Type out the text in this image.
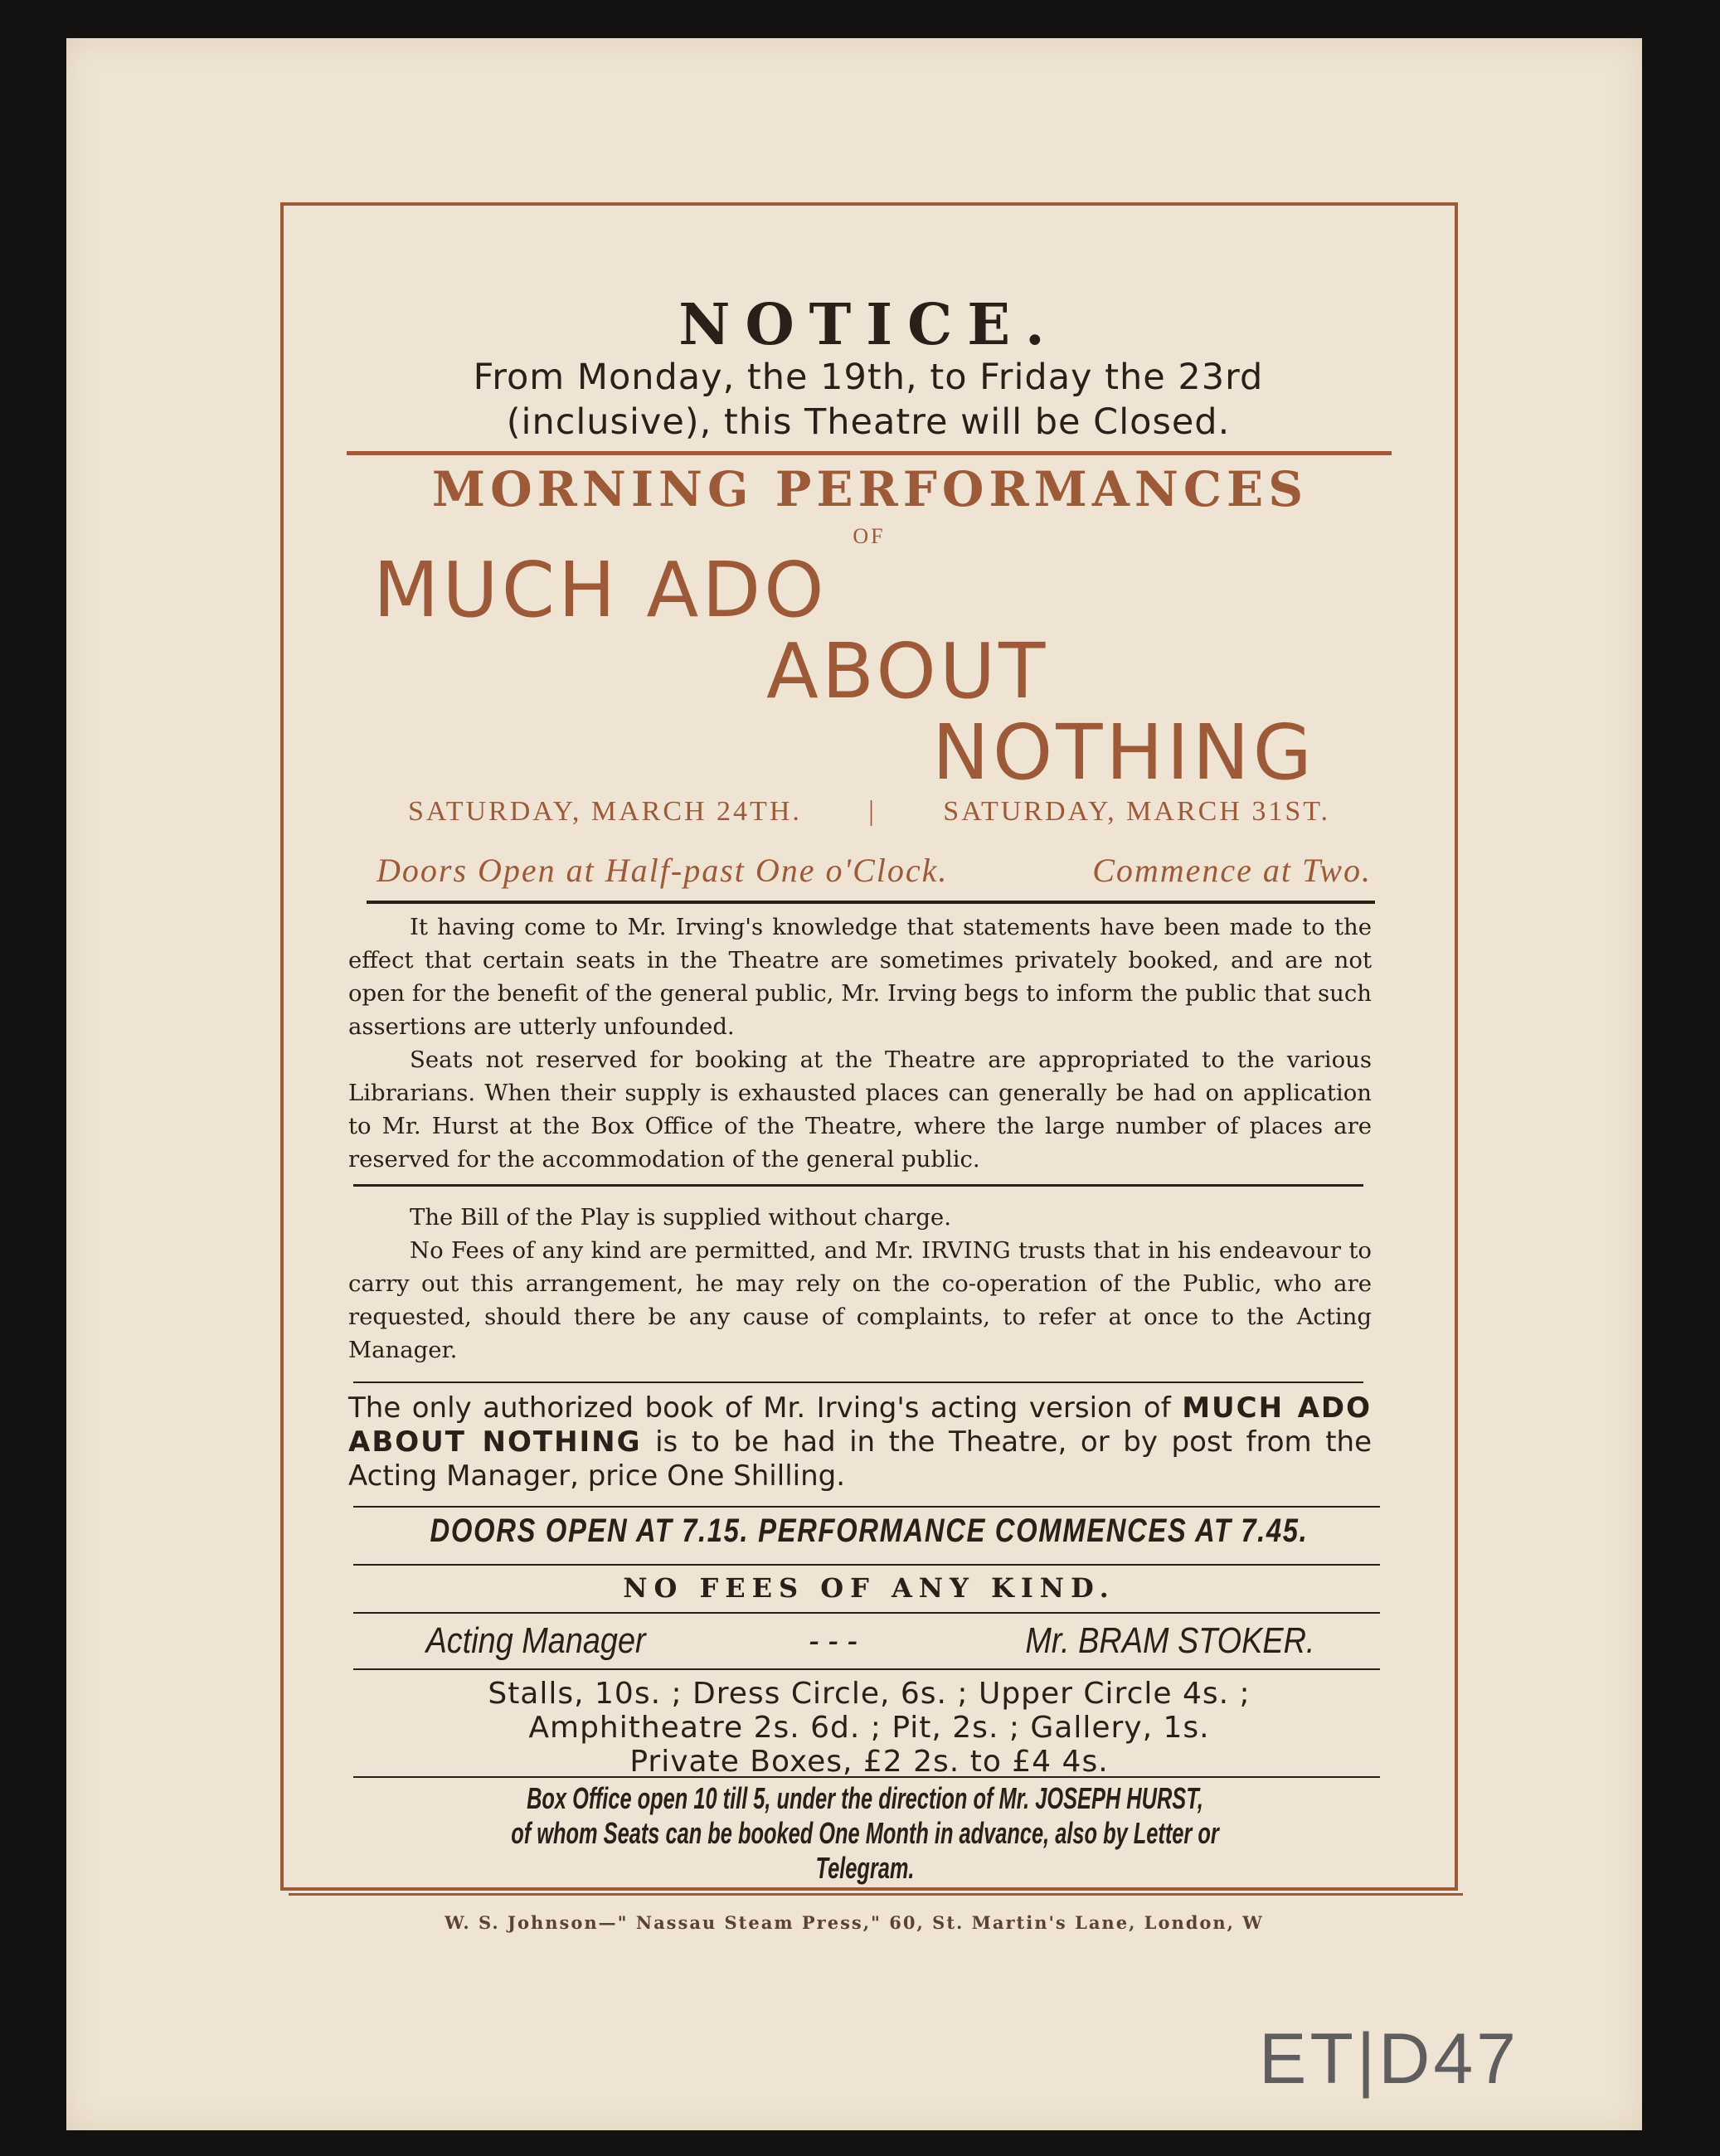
NOTICE.
From Monday, the 19th, to Friday the 23rd
(inclusive), this Theatre will be Closed.
MORNING PERFORMANCES
OF
MUCH ADO
ABOUT
NOTHING
SATURDAY, MARCH 24TH. | SATURDAY, MARCH 31ST.
Doors Open at Half-past One o'Clock.	Commence at Two.

It having come to Mr. Irving's knowledge that statements have been made to the effect that certain seats in the Theatre are sometimes privately booked, and are not open for the benefit of the general public, Mr. Irving begs to inform the public that such assertions are utterly unfounded.

Seats not reserved for booking at the Theatre are appropriated to the various Librarians. When their supply is exhausted places can generally be had on application to Mr. Hurst at the Box Office of the Theatre, where the large number of places are reserved for the accommodation of the general public.

The Bill of the Play is supplied without charge.

No Fees of any kind are permitted, and Mr. IRVING trusts that in his endeavour to carry out this arrangement, he may rely on the co-operation of the Public, who are requested, should there be any cause of complaints, to refer at once to the Acting Manager.

The only authorized book of Mr. Irving's acting version of MUCH ADO ABOUT NOTHING is to be had in the Theatre, or by post from the Acting Manager, price One Shilling.
DOORS OPEN AT 7.15. PERFORMANCE COMMENCES AT 7.45.
NO FEES OF ANY KIND.
Acting Manager	- - -	Mr. BRAM STOKER.
Stalls, 10s. ; Dress Circle, 6s. ; Upper Circle 4s. ;
Amphitheatre 2s. 6d. ; Pit, 2s. ; Gallery, 1s.
Private Boxes, £2 2s. to £4 4s.
Box Office open 10 till 5, under the direction of Mr. JOSEPH HURST,
of whom Seats can be booked One Month in advance, also by Letter or
Telegram.
W. S. Johnson—" Nassau Steam Press," 60, St. Martin's Lane, London, W
ET|D47
